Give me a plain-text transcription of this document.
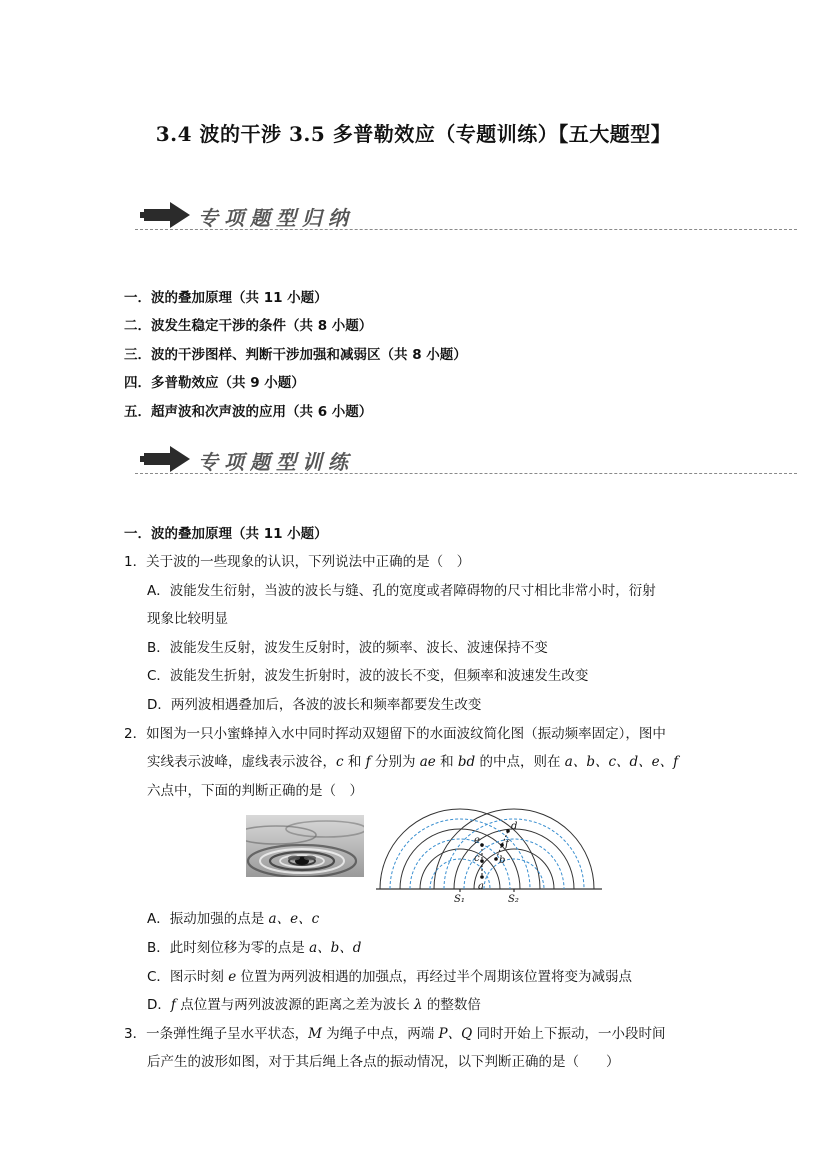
3.4 波的干涉 3.5 多普勒效应（专题训练）【五大题型】
专项题型归纳
一．波的叠加原理（共 11 小题）
二．波发生稳定干涉的条件（共 8 小题）
三．波的干涉图样、判断干涉加强和减弱区（共 8 小题）
四．多普勒效应（共 9 小题）
五．超声波和次声波的应用（共 6 小题）
专项题型训练
一．波的叠加原理（共 11 小题）
1．关于波的一些现象的认识，下列说法中正确的是（　）
A．波能发生衍射，当波的波长与缝、孔的宽度或者障碍物的尺寸相比非常小时，衍射
现象比较明显
B．波能发生反射，波发生反射时，波的频率、波长、波速保持不变
C．波能发生折射，波发生折射时，波的波长不变，但频率和波速发生改变
D．两列波相遇叠加后，各波的波长和频率都要发生改变
2．如图为一只小蜜蜂掉入水中同时挥动双翅留下的水面波纹简化图（振动频率固定），图中
实线表示波峰，虚线表示波谷，c 和 f 分别为 ae 和 bd 的中点，则在 a、b、c、d、e、f
六点中，下面的判断正确的是（　）
e
c
a
d
f
b
S₁	S₂
A．振动加强的点是 a、e、c
B．此时刻位移为零的点是 a、b、d
C．图示时刻 e 位置为两列波相遇的加强点，再经过半个周期该位置将变为减弱点
D．f 点位置与两列波波源的距离之差为波长 λ 的整数倍
3．一条弹性绳子呈水平状态，M 为绳子中点，两端 P、Q 同时开始上下振动，一小段时间
后产生的波形如图，对于其后绳上各点的振动情况，以下判断正确的是（　　）
